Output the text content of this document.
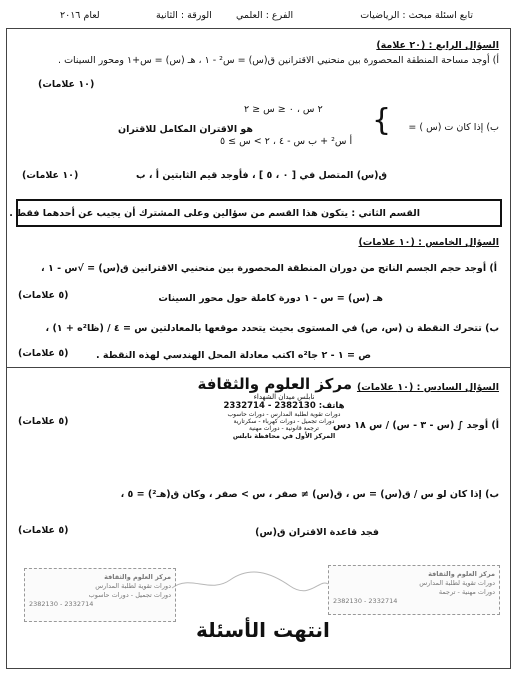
تابع اسئلة مبحث : الرياضيات
الفرع : العلمي
الورقة : الثانية
لعام ٢٠١٦
السؤال الرابع : (٢٠ علامة)
أ) أوجد مساحة المنطقة المحصورة بين منحنيي الاقترانين ق(س) = س² - ١ ، هـ (س) = س+١ ومحور السينات .
(١٠ علامات)
ب) إذا كان ت (س ) =
{
٢ س ، ٠ ≤ س ≤ ٢
أ س² + ب س - ٤ ، ٢ > س ≥ ٥
هو الاقتران المكامل للاقتران
ق(س) المتصل في [ ٠ ، ٥ ] ، فأوجد قيم الثابتين أ ، ب
(١٠ علامات)
القسم الثاني : يتكون هذا القسم من سؤالين وعلى المشترك أن يجيب عن أحدهما فقط .
السؤال الخامس : (١٠ علامات)
أ) أوجد حجم الجسم الناتج من دوران المنطقة المحصورة بين منحنيي الاقترانين ق(س) = √س - ١ ،
هـ (س) = س - ١ دورة كاملة حول محور السينات
(٥ علامات)
ب) تتحرك النقطة ن (س، ص) في المستوى بحيث يتحدد موقعها بالمعادلتين س = ٤ / (ظا²ه + ١) ،
ص = ١ - ٢ جا²ه اكتب معادلة المحل الهندسي لهذه النقطة .
(٥ علامات)
السؤال السادس : (١٠ علامات)
أ) أوجد ∫ (س - ٣ - س) / س ١٨ دس
(٥ علامات)
مركز العلوم والثقافة
نابلس ميدان الشهداء
هاتف: 2382130 - 2332714
دورات تقوية لطلبة المدارس - دورات حاسوب
دورات تجميل - دورات كهرباء - سكرتارية
ترجمة قانونية - دورات مهنية
المركز الأول في محافظة نابلس
ب) إذا كان لو س / ق(س) = س ، ق(س) ≠ صفر ، س > صفر ، وكان ق(هـ²) = ٥ ،
فجد قاعدة الاقتران ق(س)
(٥ علامات)
مركز العلوم والثقافة
دورات تقوية لطلبة المدارس
دورات تجميل - دورات حاسوب
2382130 - 2332714
مركز العلوم والثقافة
دورات تقوية لطلبة المدارس
دورات مهنية - ترجمة
2382130 - 2332714
انتهت الأسئلة
